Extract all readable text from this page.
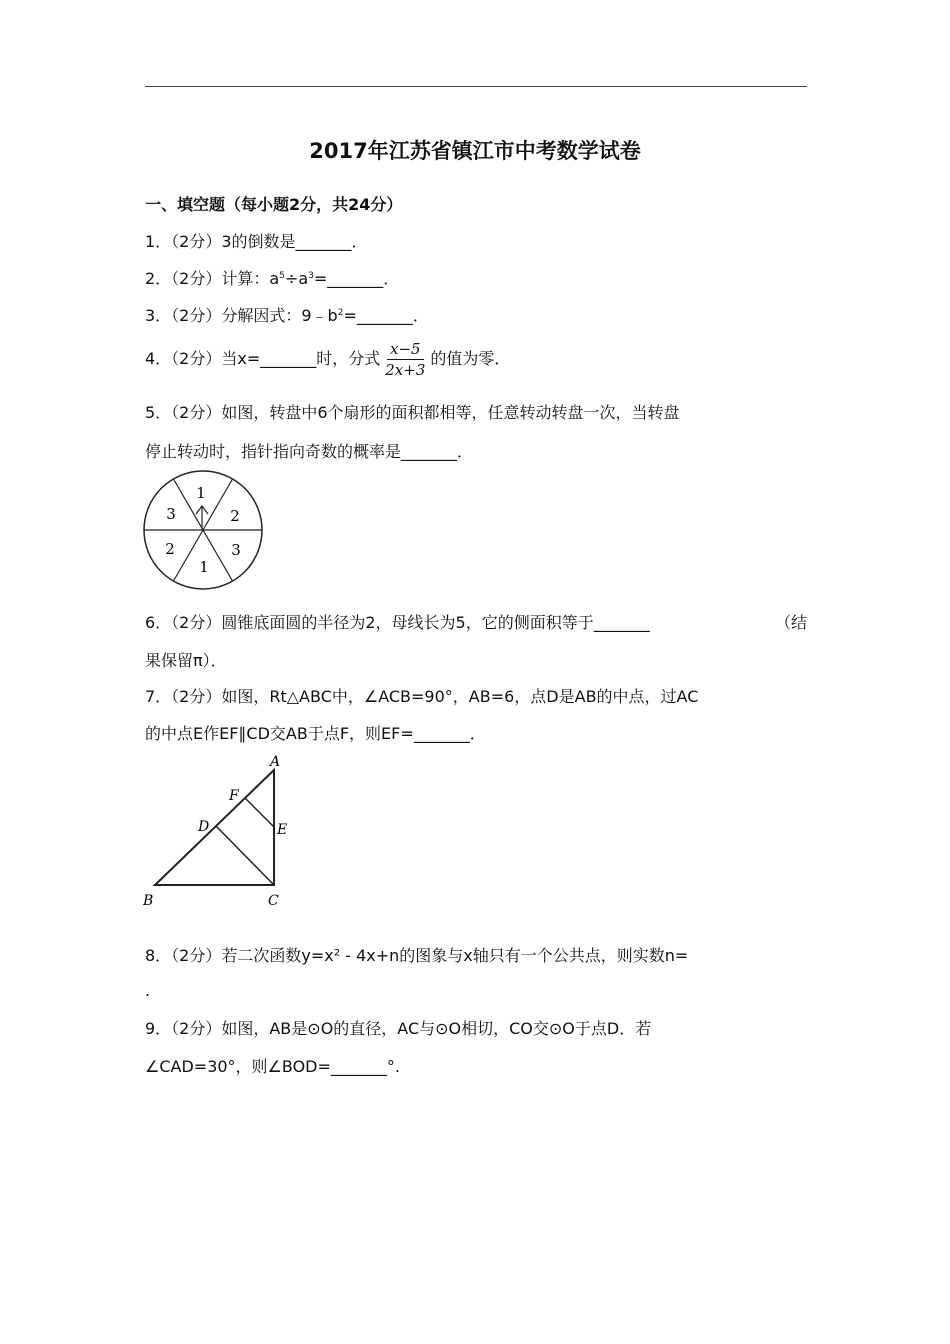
2017年江苏省镇江市中考数学试卷
一、填空题（每小题2分，共24分）
1．（2分）3的倒数是_______．
2．（2分）计算：$a^5\div a^3=\_\_\_\_\_\_\_$．
3．（2分）分解因式：$9﹣b^2=\_\_\_\_\_\_\_$．
4．（2分）当x=_______时，分式 $\frac{x-5}{2x+3}$ 的值为零．
5．（2分）如图，转盘中6个扇形的面积都相等，任意转动转盘一次，当转盘
停止转动时，指针指向奇数的概率是_______．
1
2
3
1
2
3
6．（2分）圆锥底面圆的半径为2，母线长为5，它的侧面积等于_______	（结
果保留π）．
7．（2分）如图，Rt△ABC中，∠ACB=90°，AB=6，点D是AB的中点，过AC
的中点E作EF∥CD交AB于点F，则EF=_______．
A
B	C
D	E
F
8．（2分）若二次函数y=x² - 4x+n的图象与x轴只有一个公共点，则实数n=
.
9．（2分）如图，AB是⊙O的直径，AC与⊙O相切，CO交⊙O于点D．若
∠CAD=30°，则∠BOD=_______°.
